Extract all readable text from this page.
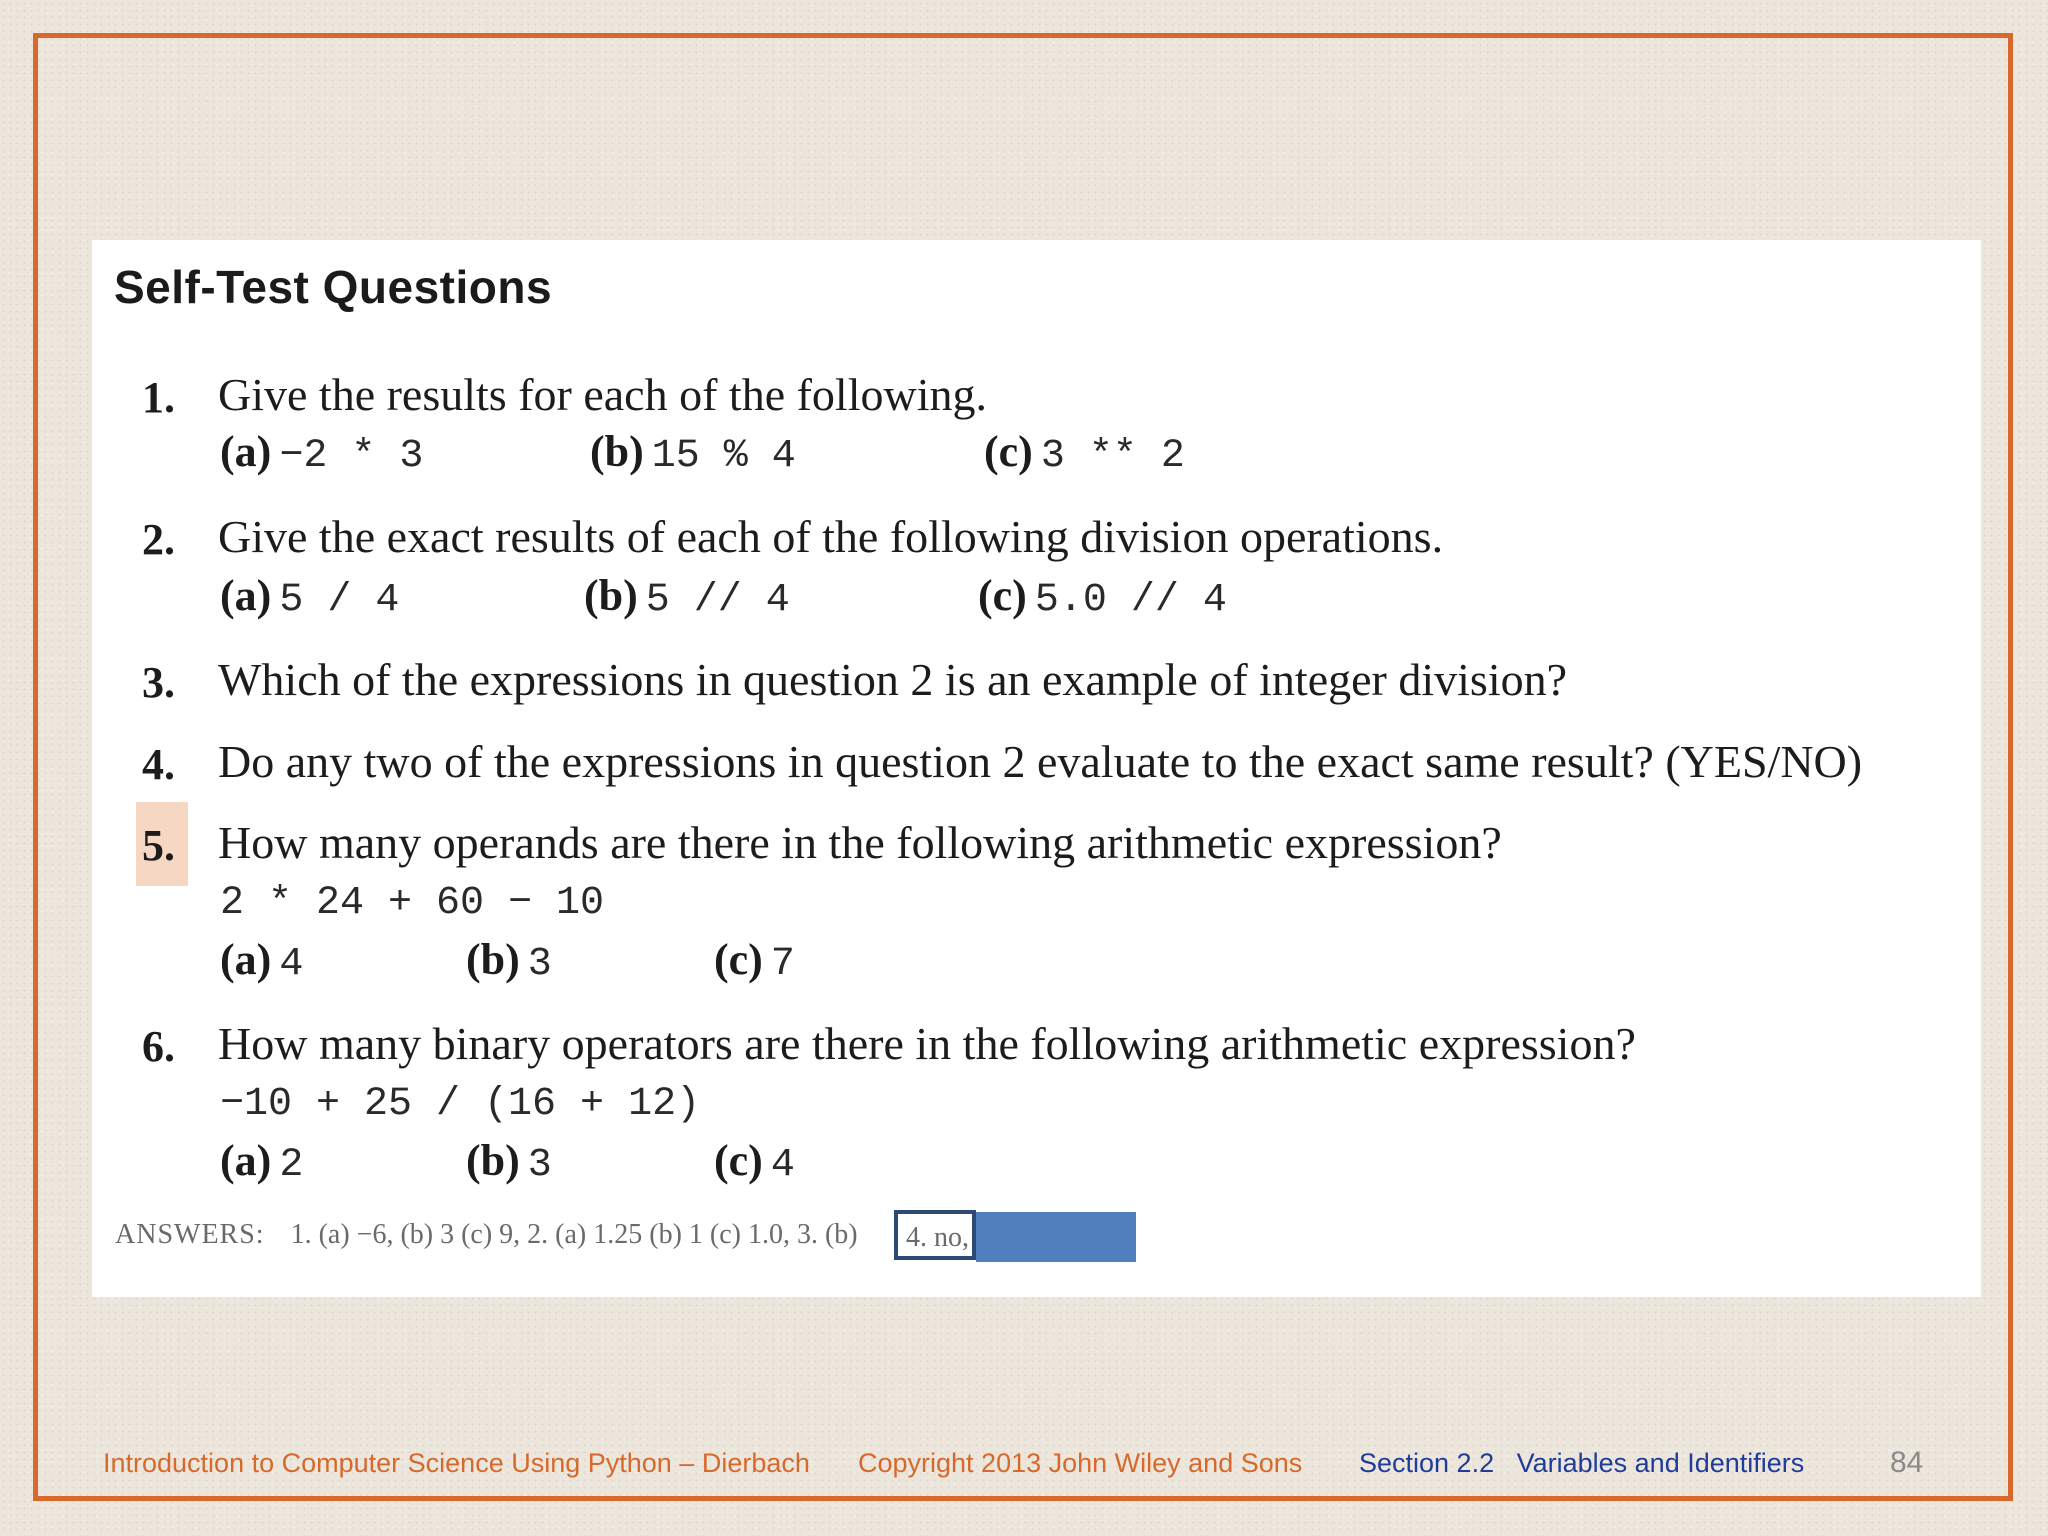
Self-Test Questions
1. Give the results for each of the following.
(a) −2 * 3	(b) 15 % 4	(c) 3 ** 2
2. Give the exact results of each of the following division operations.
(a) 5 / 4	(b) 5 // 4	(c) 5.0 // 4
3. Which of the expressions in question 2 is an example of integer division?
4. Do any two of the expressions in question 2 evaluate to the exact same result? (YES/NO)
5. How many operands are there in the following arithmetic expression?
2 * 24 + 60 − 10
(a) 4	(b) 3	(c) 7
6. How many binary operators are there in the following arithmetic expression?
−10 + 25 / (16 + 12)
(a) 2	(b) 3	(c) 4
ANSWERS: 1. (a) −6, (b) 3 (c) 9, 2. (a) 1.25 (b) 1 (c) 1.0, 3. (b) 4. no,
Introduction to Computer Science Using Python – Dierbach Copyright 2013 John Wiley and Sons Section 2.2   Variables and Identifiers	84
